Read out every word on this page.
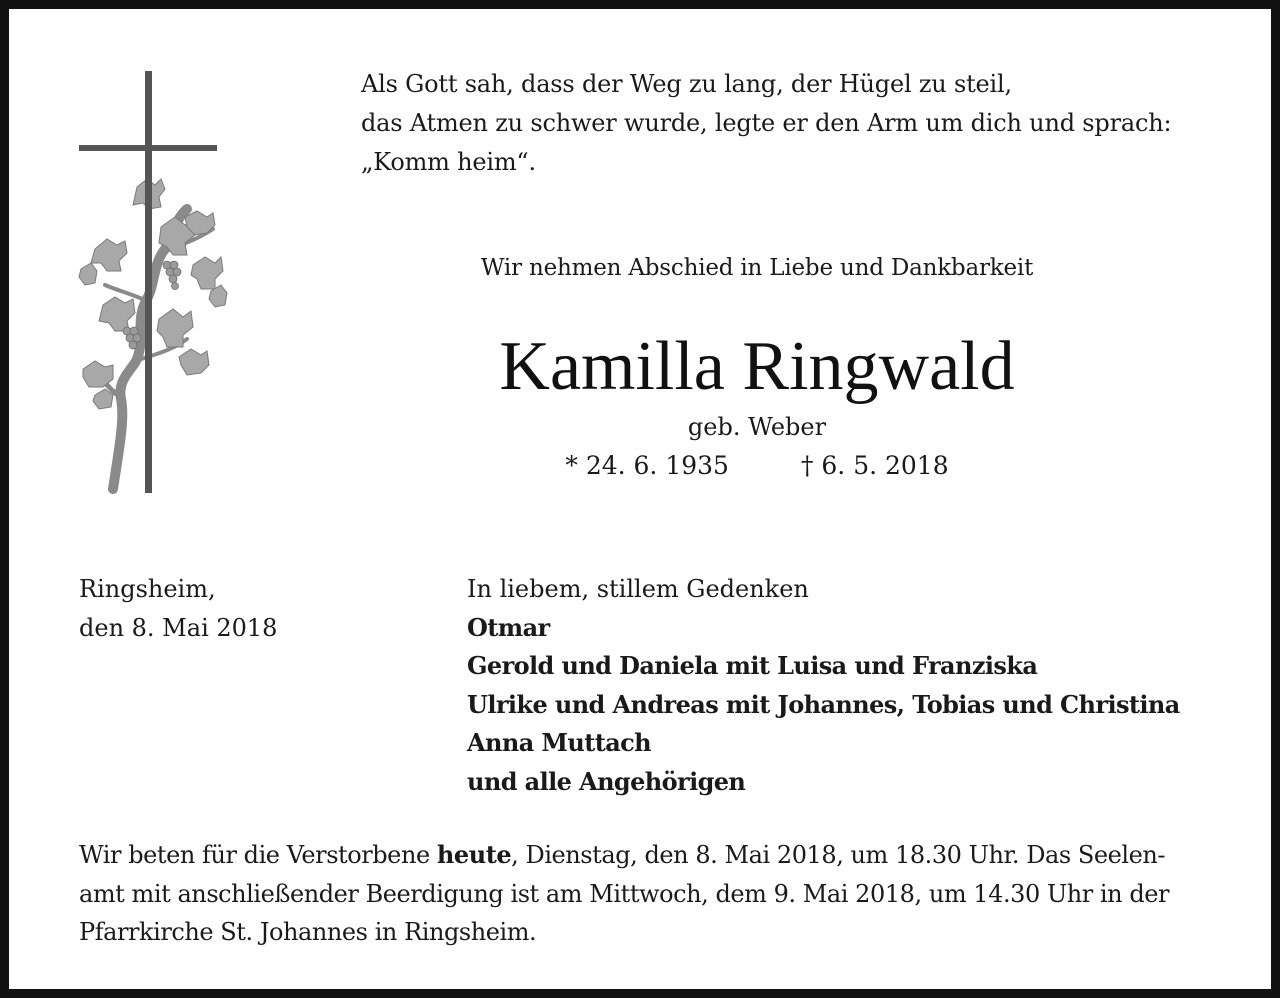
Als Gott sah, dass der Weg zu lang, der Hügel zu steil,
das Atmen zu schwer wurde, legte er den Arm um dich und sprach:
„Komm heim“.
Wir nehmen Abschied in Liebe und Dankbarkeit
Kamilla Ringwald
geb. Weber
* 24. 6. 1935	† 6. 5. 2018
Ringsheim,
den 8. Mai 2018
In liebem, stillem Gedenken
Otmar
Gerold und Daniela mit Luisa und Franziska
Ulrike und Andreas mit Johannes, Tobias und Christina
Anna Muttach
und alle Angehörigen
Wir beten für die Verstorbene heute, Dienstag, den 8. Mai 2018, um 18.30 Uhr. Das Seelen-
amt mit anschließender Beerdigung ist am Mittwoch, dem 9. Mai 2018, um 14.30 Uhr in der
Pfarrkirche St. Johannes in Ringsheim.
